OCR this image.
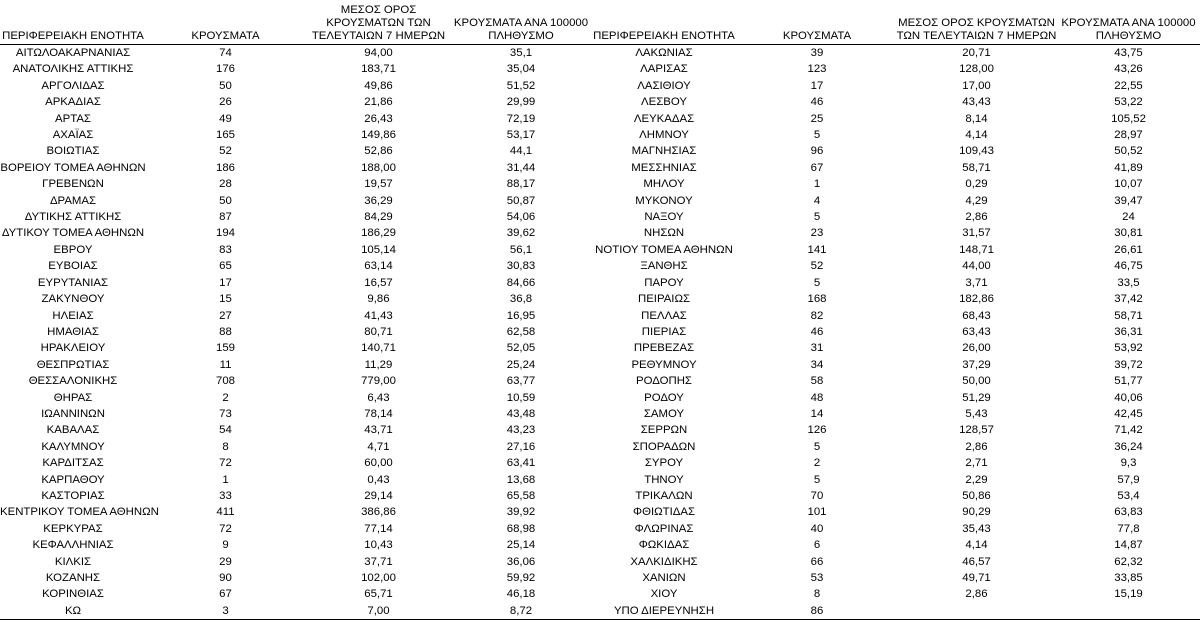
ΠΕΡΙΦΕΡΕΙΑΚΗ ΕΝΟΤΗΤΑ	ΚΡΟΥΣΜΑΤΑ	ΜΕΣΟΣ ΟΡΟΣ ΚΡΟΥΣΜΑΤΩΝ ΤΩΝ ΤΕΛΕΥΤΑΙΩΝ 7 ΗΜΕΡΩΝ	ΚΡΟΥΣΜΑΤΑ ΑΝΑ 100000 ΠΛΗΘΥΣΜΟ	ΠΕΡΙΦΕΡΕΙΑΚΗ ΕΝΟΤΗΤΑ	ΚΡΟΥΣΜΑΤΑ	ΜΕΣΟΣ ΟΡΟΣ ΚΡΟΥΣΜΑΤΩΝ ΤΩΝ ΤΕΛΕΥΤΑΙΩΝ 7 ΗΜΕΡΩΝ	ΚΡΟΥΣΜΑΤΑ ΑΝΑ 100000 ΠΛΗΘΥΣΜΟ
ΑΙΤΩΛΟΑΚΑΡΝΑΝΙΑΣ	74	94,00	35,1	ΛΑΚΩΝΙΑΣ	39	20,71	43,75
ΑΝΑΤΟΛΙΚΗΣ ΑΤΤΙΚΗΣ	176	183,71	35,04	ΛΑΡΙΣΑΣ	123	128,00	43,26
ΑΡΓΟΛΙΔΑΣ	50	49,86	51,52	ΛΑΣΙΘΙΟΥ	17	17,00	22,55
ΑΡΚΑΔΙΑΣ	26	21,86	29,99	ΛΕΣΒΟΥ	46	43,43	53,22
ΑΡΤΑΣ	49	26,43	72,19	ΛΕΥΚΑΔΑΣ	25	8,14	105,52
ΑΧΑΪΑΣ	165	149,86	53,17	ΛΗΜΝΟΥ	5	4,14	28,97
ΒΟΙΩΤΙΑΣ	52	52,86	44,1	ΜΑΓΝΗΣΙΑΣ	96	109,43	50,52
ΒΟΡΕΙΟΥ ΤΟΜΕΑ ΑΘΗΝΩΝ	186	188,00	31,44	ΜΕΣΣΗΝΙΑΣ	67	58,71	41,89
ΓΡΕΒΕΝΩΝ	28	19,57	88,17	ΜΗΛΟΥ	1	0,29	10,07
ΔΡΑΜΑΣ	50	36,29	50,87	ΜΥΚΟΝΟΥ	4	4,29	39,47
ΔΥΤΙΚΗΣ ΑΤΤΙΚΗΣ	87	84,29	54,06	ΝΑΞΟΥ	5	2,86	24
ΔΥΤΙΚΟΥ ΤΟΜΕΑ ΑΘΗΝΩΝ	194	186,29	39,62	ΝΗΣΩΝ	23	31,57	30,81
ΕΒΡΟΥ	83	105,14	56,1	ΝΟΤΙΟΥ ΤΟΜΕΑ ΑΘΗΝΩΝ	141	148,71	26,61
ΕΥΒΟΙΑΣ	65	63,14	30,83	ΞΑΝΘΗΣ	52	44,00	46,75
ΕΥΡΥΤΑΝΙΑΣ	17	16,57	84,66	ΠΑΡΟΥ	5	3,71	33,5
ΖΑΚΥΝΘΟΥ	15	9,86	36,8	ΠΕΙΡΑΙΩΣ	168	182,86	37,42
ΗΛΕΙΑΣ	27	41,43	16,95	ΠΕΛΛΑΣ	82	68,43	58,71
ΗΜΑΘΙΑΣ	88	80,71	62,58	ΠΙΕΡΙΑΣ	46	63,43	36,31
ΗΡΑΚΛΕΙΟΥ	159	140,71	52,05	ΠΡΕΒΕΖΑΣ	31	26,00	53,92
ΘΕΣΠΡΩΤΙΑΣ	11	11,29	25,24	ΡΕΘΥΜΝΟΥ	34	37,29	39,72
ΘΕΣΣΑΛΟΝΙΚΗΣ	708	779,00	63,77	ΡΟΔΟΠΗΣ	58	50,00	51,77
ΘΗΡΑΣ	2	6,43	10,59	ΡΟΔΟΥ	48	51,29	40,06
ΙΩΑΝΝΙΝΩΝ	73	78,14	43,48	ΣΑΜΟΥ	14	5,43	42,45
ΚΑΒΑΛΑΣ	54	43,71	43,23	ΣΕΡΡΩΝ	126	128,57	71,42
ΚΑΛΥΜΝΟΥ	8	4,71	27,16	ΣΠΟΡΑΔΩΝ	5	2,86	36,24
ΚΑΡΔΙΤΣΑΣ	72	60,00	63,41	ΣΥΡΟΥ	2	2,71	9,3
ΚΑΡΠΑΘΟΥ	1	0,43	13,68	ΤΗΝΟΥ	5	2,29	57,9
ΚΑΣΤΟΡΙΑΣ	33	29,14	65,58	ΤΡΙΚΑΛΩΝ	70	50,86	53,4
ΚΕΝΤΡΙΚΟΥ ΤΟΜΕΑ ΑΘΗΝΩΝ	411	386,86	39,92	ΦΘΙΩΤΙΔΑΣ	101	90,29	63,83
ΚΕΡΚΥΡΑΣ	72	77,14	68,98	ΦΛΩΡΙΝΑΣ	40	35,43	77,8
ΚΕΦΑΛΛΗΝΙΑΣ	9	10,43	25,14	ΦΩΚΙΔΑΣ	6	4,14	14,87
ΚΙΛΚΙΣ	29	37,71	36,06	ΧΑΛΚΙΔΙΚΗΣ	66	46,57	62,32
ΚΟΖΑΝΗΣ	90	102,00	59,92	ΧΑΝΙΩΝ	53	49,71	33,85
ΚΟΡΙΝΘΙΑΣ	67	65,71	46,18	ΧΙΟΥ	8	2,86	15,19
ΚΩ	3	7,00	8,72	ΥΠΟ ΔΙΕΡΕΥΝΗΣΗ	86		
